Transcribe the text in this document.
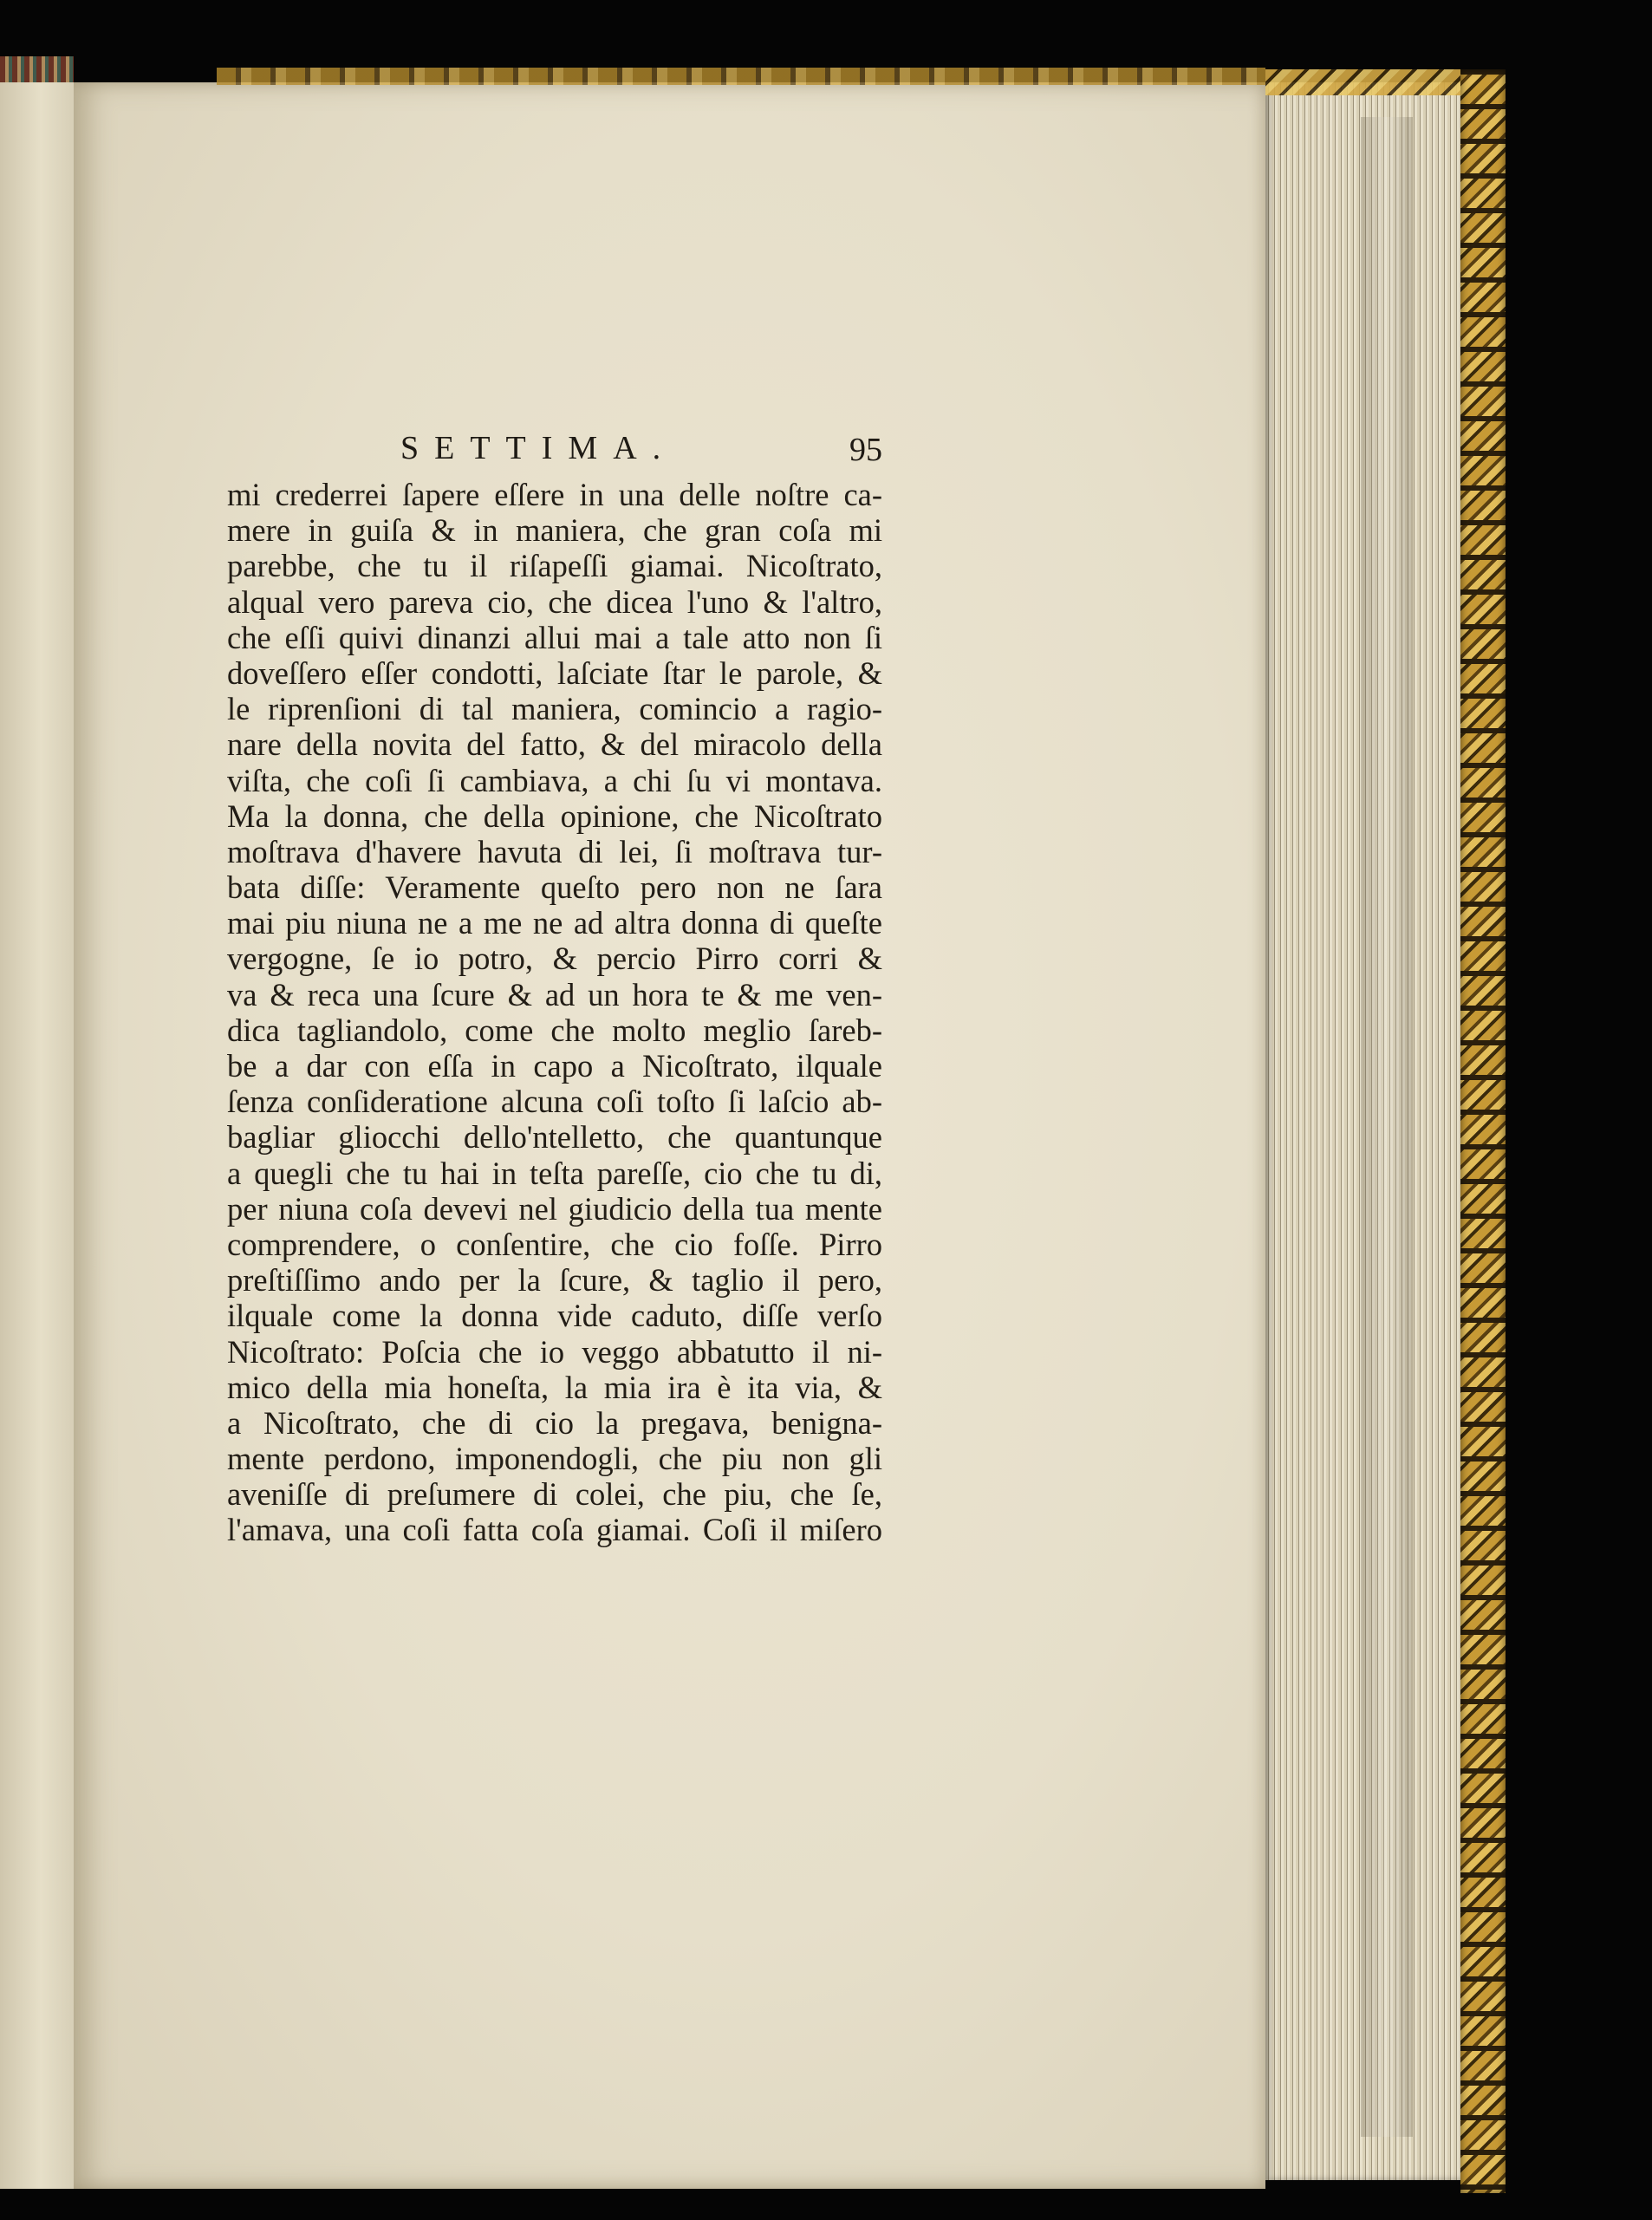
SETTIMA.	95
mi crederrei ſapere eſſere in una delle noſtre ca-
mere in guiſa & in maniera, che gran coſa mi
parebbe, che tu il riſapeſſi giamai. Nicoſtrato,
alqual vero pareva cio, che dicea l'uno & l'altro,
che eſſi quivi dinanzi allui mai a tale atto non ſi
doveſſero eſſer condotti, laſciate ſtar le parole, &
le riprenſioni di tal maniera, comincio a ragio-
nare della novita del fatto, & del miracolo della
viſta, che coſi ſi cambiava, a chi ſu vi montava.
Ma la donna, che della opinione, che Nicoſtrato
moſtrava d'havere havuta di lei, ſi moſtrava tur-
bata diſſe: Veramente queſto pero non ne ſara
mai piu niuna ne a me ne ad altra donna di queſte
vergogne, ſe io potro, & percio Pirro corri &
va & reca una ſcure & ad un hora te & me ven-
dica tagliandolo, come che molto meglio ſareb-
be a dar con eſſa in capo a Nicoſtrato, ilquale
ſenza conſideratione alcuna coſi toſto ſi laſcio ab-
bagliar gliocchi dello'ntelletto, che quantunque
a quegli che tu hai in teſta pareſſe, cio che tu di,
per niuna coſa devevi nel giudicio della tua mente
comprendere, o conſentire, che cio foſſe. Pirro
preſtiſſimo ando per la ſcure, & taglio il pero,
ilquale come la donna vide caduto, diſſe verſo
Nicoſtrato: Poſcia che io veggo abbatutto il ni-
mico della mia honeſta, la mia ira è ita via, &
a Nicoſtrato, che di cio la pregava, benigna-
mente perdono, imponendogli, che piu non gli
aveniſſe di preſumere di colei, che piu, che ſe,
l'amava, una coſi fatta coſa giamai. Coſi il miſero
